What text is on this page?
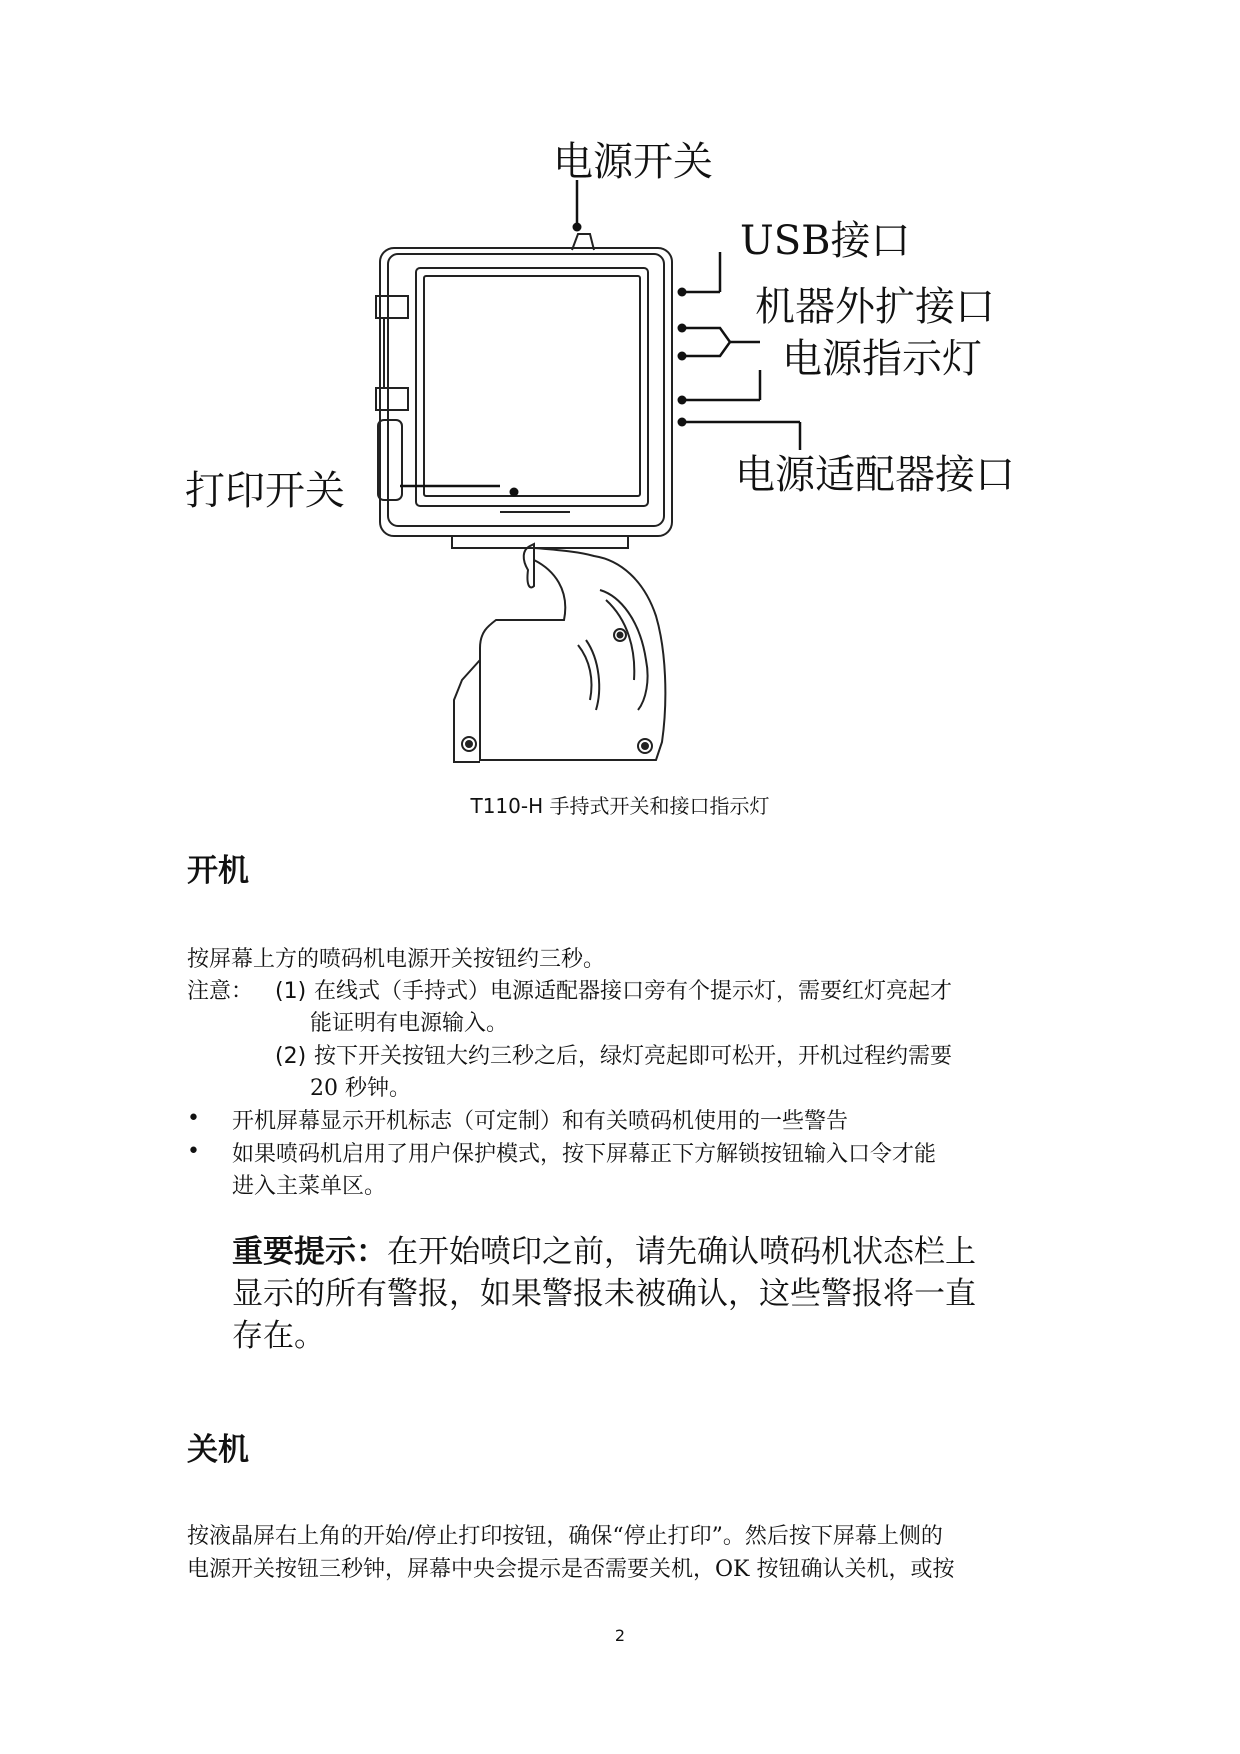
电源开关
USB接口
机器外扩接口
电源指示灯
电源适配器接口
打印开关
T110-H 手持式开关和接口指示灯
开机
按屏幕上方的喷码机电源开关按钮约三秒。
注意： (1) 在线式（手持式）电源适配器接口旁有个提示灯，需要红灯亮起才
能证明有电源输入。
(2) 按下开关按钮大约三秒之后，绿灯亮起即可松开，开机过程约需要
20 秒钟。
• 开机屏幕显示开机标志（可定制）和有关喷码机使用的一些警告
• 如果喷码机启用了用户保护模式，按下屏幕正下方解锁按钮输入口令才能
进入主菜单区。
重要提示：在开始喷印之前，请先确认喷码机状态栏上
显示的所有警报，如果警报未被确认，这些警报将一直
存在。
关机
按液晶屏右上角的开始/停止打印按钮，确保“停止打印”。然后按下屏幕上侧的
电源开关按钮三秒钟，屏幕中央会提示是否需要关机，OK 按钮确认关机，或按
2
